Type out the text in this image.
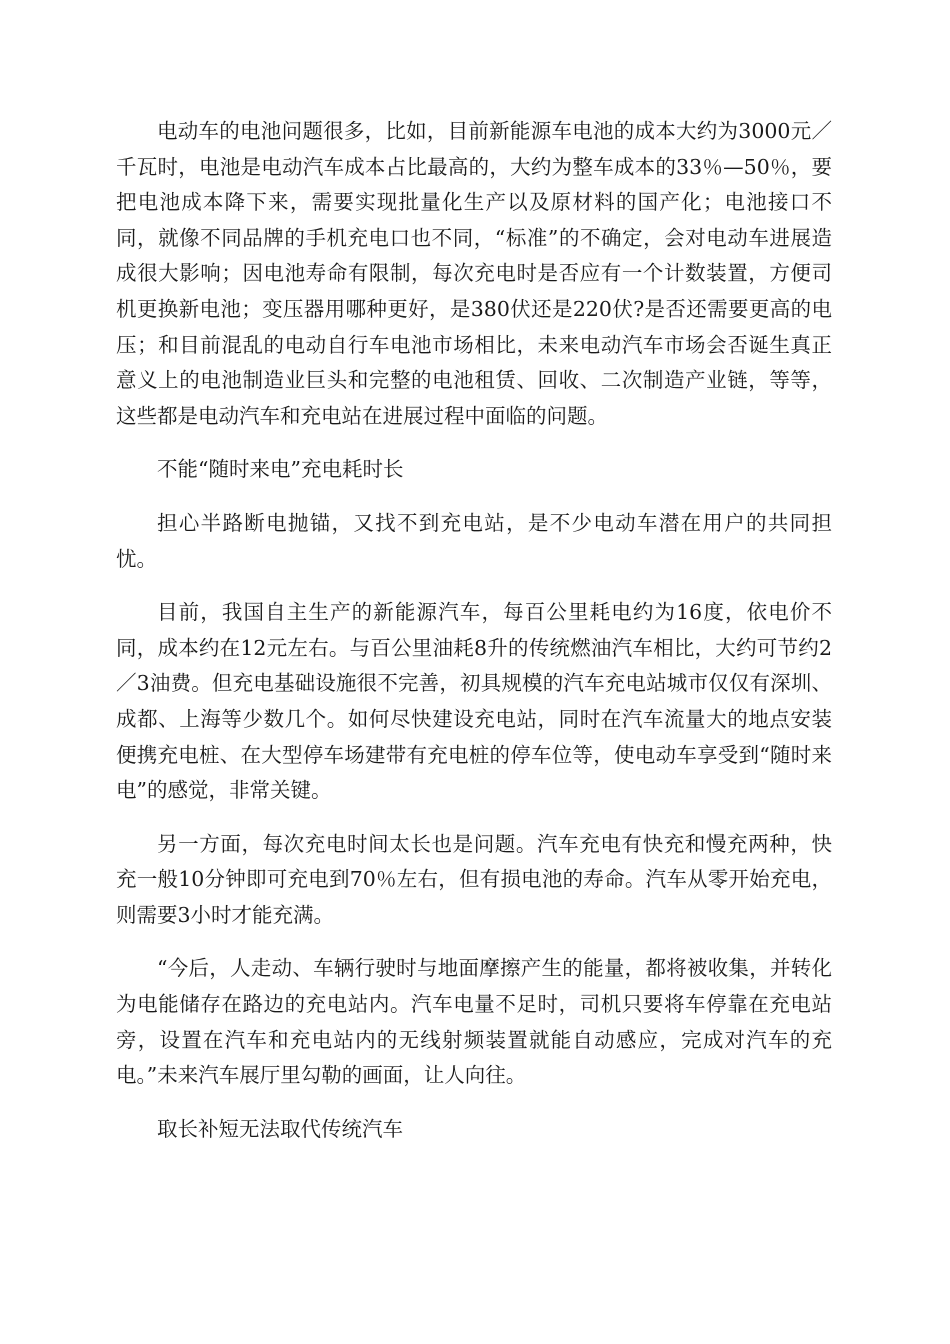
电动车的电池问题很多，比如，目前新能源车电池的成本大约为3000元／千瓦时，电池是电动汽车成本占比最高的，大约为整车成本的33％—50％，要把电池成本降下来，需要实现批量化生产以及原材料的国产化；电池接口不同，就像不同品牌的手机充电口也不同，“标准”的不确定，会对电动车进展造成很大影响；因电池寿命有限制，每次充电时是否应有一个计数装置，方便司机更换新电池；变压器用哪种更好，是380伏还是220伏?是否还需要更高的电压；和目前混乱的电动自行车电池市场相比，未来电动汽车市场会否诞生真正意义上的电池制造业巨头和完整的电池租赁、回收、二次制造产业链，等等，这些都是电动汽车和充电站在进展过程中面临的问题。

不能“随时来电”充电耗时长

担心半路断电抛锚，又找不到充电站，是不少电动车潜在用户的共同担忧。

目前，我国自主生产的新能源汽车，每百公里耗电约为16度，依电价不同，成本约在12元左右。与百公里油耗8升的传统燃油汽车相比，大约可节约2／3油费。但充电基础设施很不完善，初具规模的汽车充电站城市仅仅有深圳、成都、上海等少数几个。如何尽快建设充电站，同时在汽车流量大的地点安装便携充电桩、在大型停车场建带有充电桩的停车位等，使电动车享受到“随时来电”的感觉，非常关键。

另一方面，每次充电时间太长也是问题。汽车充电有快充和慢充两种，快充一般10分钟即可充电到70％左右，但有损电池的寿命。汽车从零开始充电，则需要3小时才能充满。

“今后，人走动、车辆行驶时与地面摩擦产生的能量，都将被收集，并转化为电能储存在路边的充电站内。汽车电量不足时，司机只要将车停靠在充电站旁，设置在汽车和充电站内的无线射频装置就能自动感应，完成对汽车的充电。”未来汽车展厅里勾勒的画面，让人向往。

取长补短无法取代传统汽车
